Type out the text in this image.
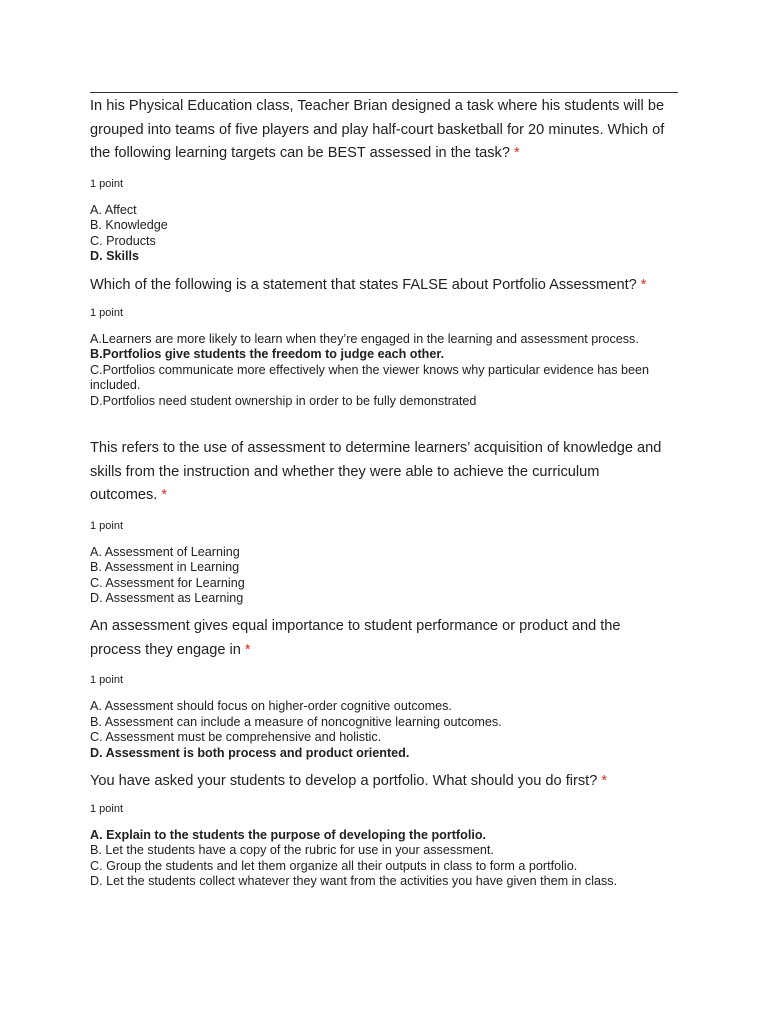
In his Physical Education class, Teacher Brian designed a task where his students will be grouped into teams of five players and play half-court basketball for 20 minutes. Which of the following learning targets can be BEST assessed in the task? *

1 point

A. Affect
B. Knowledge
C. Products
D. Skills

Which of the following is a statement that states FALSE about Portfolio Assessment? *

1 point

A.Learners are more likely to learn when they’re engaged in the learning and assessment process.
B.Portfolios give students the freedom to judge each other.
C.Portfolios communicate more effectively when the viewer knows why particular evidence has been included.
D.Portfolios need student ownership in order to be fully demonstrated

This refers to the use of assessment to determine learners’ acquisition of knowledge and skills from the instruction and whether they were able to achieve the curriculum outcomes. *

1 point

A. Assessment of Learning
B. Assessment in Learning
C. Assessment for Learning
D. Assessment as Learning

An assessment gives equal importance to student performance or product and the process they engage in *

1 point

A. Assessment should focus on higher-order cognitive outcomes.
B. Assessment can include a measure of noncognitive learning outcomes.
C. Assessment must be comprehensive and holistic.
D. Assessment is both process and product oriented.

You have asked your students to develop a portfolio. What should you do first? *

1 point

A. Explain to the students the purpose of developing the portfolio.
B. Let the students have a copy of the rubric for use in your assessment.
C. Group the students and let them organize all their outputs in class to form a portfolio.
D. Let the students collect whatever they want from the activities you have given them in class.
